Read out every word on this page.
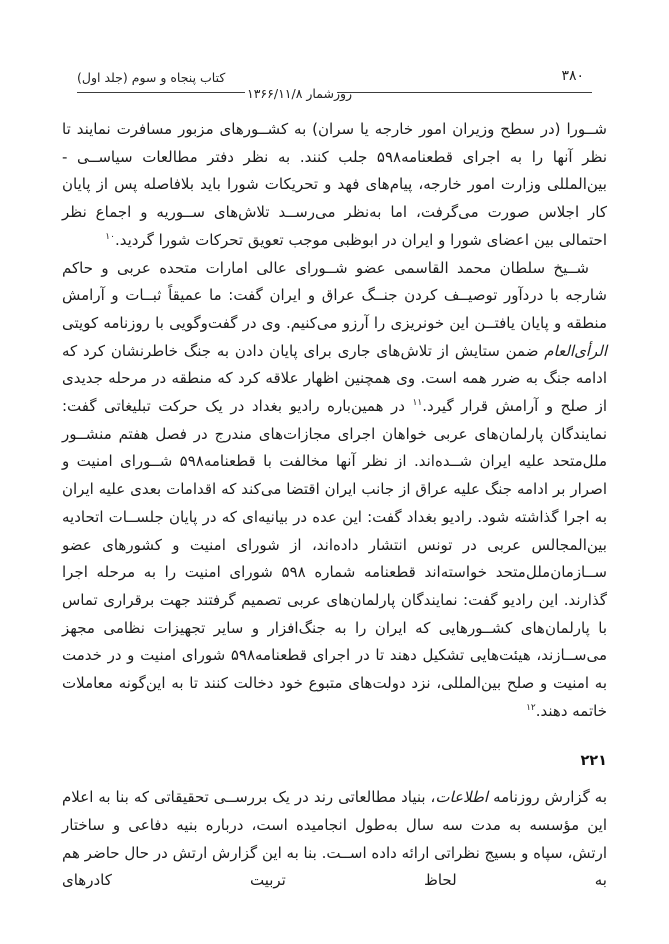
۳۸۰
کتاب پنجاه و سوم (جلد اول)
روزشمار ۱۳۶۶/۱۱/۸

شــورا (در سطح وزیران امور خارجه یا سران) به کشــورهای مزبور مسافرت نمایند تا نظر آنها را به اجرای قطعنامه۵۹۸ جلب کنند. به نظر دفتر مطالعات سیاســی - بین‌المللی وزارت امور خارجه، پیام‌های فهد و تحریکات شورا باید بلافاصله پس از پایان کار اجلاس صورت می‌گرفت، اما به‌نظر می‌رســد تلاش‌های ســوریه و اجماع نظر احتمالی بین اعضای شورا و ایران در ابوظبی موجب تعویق تحرکات شورا گردید.$^{۱۰}$

شــیخ سلطان محمد القاسمی عضو شــورای عالی امارات متحده عربی و حاکم شارجه با دردآور توصیــف کردن جنــگ عراق و ایران گفت: ما عمیقاً ثبــات و آرامش منطقه و پایان یافتــن این خونریزی را آرزو می‌کنیم. وی در گفت‌وگویی با روزنامه کویتی الرأی‌العام ضمن ستایش از تلاش‌های جاری برای پایان دادن به جنگ خاطرنشان کرد که ادامه جنگ به ضرر همه است. وی همچنین اظهار علاقه کرد که منطقه در مرحله جدیدی از صلح و آرامش قرار گیرد.$^{۱۱}$ در همین‌باره رادیو بغداد در یک حرکت تبلیغاتی گفت: نمایندگان پارلمان‌های عربی خواهان اجرای مجازات‌های مندرج در فصل هفتم منشــور ملل‌متحد علیه ایران شــده‌اند. از نظر آنها مخالفت با قطعنامه۵۹۸ شــورای امنیت و اصرار بر ادامه جنگ علیه عراق از جانب ایران اقتضا می‌کند که اقدامات بعدی علیه ایران به اجرا گذاشته شود. رادیو بغداد گفت: این عده در بیانیه‌ای که در پایان جلســات اتحادیه بین‌المجالس عربی در تونس انتشار داده‌اند، از شورای امنیت و کشورهای عضو ســازمان‌ملل‌متحد خواسته‌اند قطعنامه شماره ۵۹۸ شورای امنیت را به مرحله اجرا گذارند. این رادیو گفت: نمایندگان پارلمان‌های عربی تصمیم گرفتند جهت برقراری تماس با پارلمان‌های کشــورهایی که ایران را به جنگ‌افزار و سایر تجهیزات نظامی مجهز می‌ســازند، هیئت‌هایی تشکیل دهند تا در اجرای قطعنامه۵۹۸ شورای امنیت و در خدمت به امنیت و صلح بین‌المللی، نزد دولت‌های متبوع خود دخالت کنند تا به این‌گونه معاملات خاتمه دهند.$^{۱۲}$

۲۲۱

به گزارش روزنامه اطلاعات، بنیاد مطالعاتی رند در یک بررســی تحقیقاتی که بنا به اعلام این مؤسسه به مدت سه سال به‌طول انجامیده است، درباره بنیه دفاعی و ساختار ارتش، سپاه و بسیج نظراتی ارائه داده اســت. بنا به این گزارش ارتش در حال حاضر هم به لحاظ تربیت کادرهای
